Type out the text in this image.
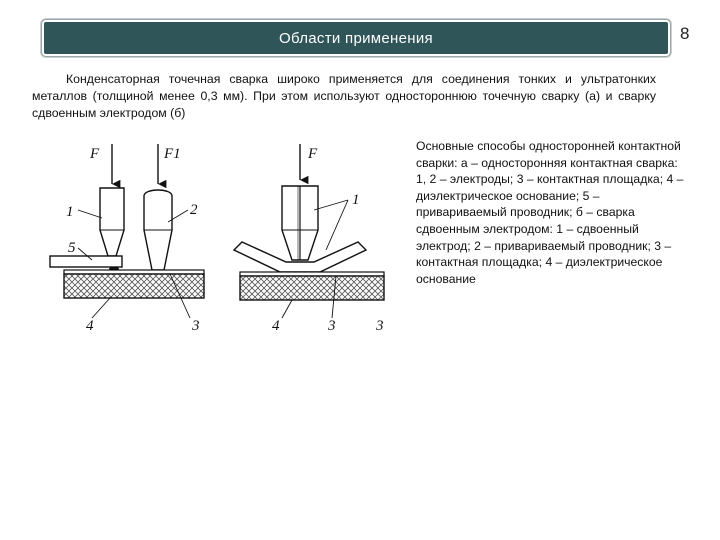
Области применения	8

Конденсаторная точечная сварка широко применяется для соединения тонких и ультратонких металлов (толщиной менее 0,3 мм). При этом используют одностороннюю точечную сварку (а) и сварку сдвоенным электродом (б)

F	F1
1	2
5
4	3
F
1
4	3	3

Основные способы односторонней контактной сварки: а – односторонняя контактная сварка: 1, 2 – электроды; 3 – контактная площадка; 4 – диэлектрическое основание; 5 – привариваемый проводник; б – сварка сдвоенным электродом: 1 – сдвоенный электрод; 2 – привариваемый проводник; 3 – контактная площадка; 4 – диэлектрическое основание
